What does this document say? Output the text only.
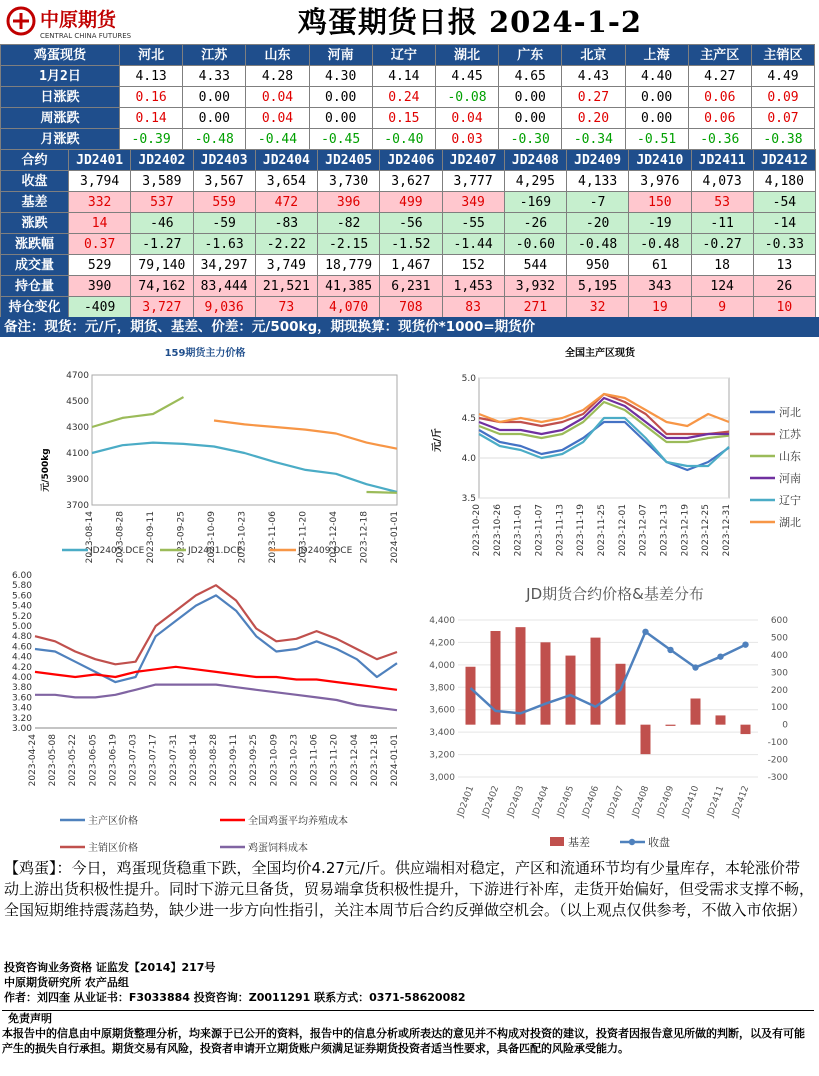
中原期货
CENTRAL CHINA FUTURES	鸡蛋期货日报 2024-1-2
鸡蛋现货	河北	江苏	山东	河南	辽宁	湖北	广东	北京	上海	主产区	主销区
1月2日	4.13	4.33	4.28	4.30	4.14	4.45	4.65	4.43	4.40	4.27	4.49
日涨跌	0.16	0.00	0.04	0.00	0.24	-0.08	0.00	0.27	0.00	0.06	0.09
周涨跌	0.14	0.00	0.04	0.00	0.15	0.04	0.00	0.20	0.00	0.06	0.07
月涨跌	-0.39	-0.48	-0.44	-0.45	-0.40	0.03	-0.30	-0.34	-0.51	-0.36	-0.38
合约	JD2401	JD2402	JD2403	JD2404	JD2405	JD2406	JD2407	JD2408	JD2409	JD2410	JD2411	JD2412
收盘	3,794	3,589	3,567	3,654	3,730	3,627	3,777	4,295	4,133	3,976	4,073	4,180
基差	332	537	559	472	396	499	349	-169	-7	150	53	-54
涨跌	14	-46	-59	-83	-82	-56	-55	-26	-20	-19	-11	-14
涨跌幅	0.37	-1.27	-1.63	-2.22	-2.15	-1.52	-1.44	-0.60	-0.48	-0.48	-0.27	-0.33
成交量	529	79,140	34,297	3,749	18,779	1,467	152	544	950	61	18	13
持仓量	390	74,162	83,444	21,521	41,385	6,231	1,453	3,932	5,195	343	124	26
持仓变化	-409	3,727	9,036	73	4,070	708	83	271	32	19	9	10
备注：现货：元/斤，期货、基差、价差：元/500kg，期现换算：现货价*1000=期货价
159期货主力价格
元/500kg
3700
3900
4100
4300
4500
4700
2023-08-14 2023-08-28 2023-09-11 2023-09-25 2023-10-09 2023-10-23 2023-11-06 2023-11-20 2023-12-04 2023-12-18 2024-01-01
JD2405.DCE	JD2401.DCE	JD2409.DCE
全国主产区现货
元/斤
3.5
4.0
4.5
5.0
2023-10-20 2023-10-26 2023-11-01 2023-11-07 2023-11-13 2023-11-19 2023-11-25 2023-12-01 2023-12-07 2023-12-13 2023-12-19 2023-12-25 2023-12-31
河北
江苏
山东
河南
辽宁
湖北
3.00
3.20
3.40
3.60
3.80
4.00
4.20
4.40
4.60
4.80
5.00
5.20
5.40
5.60
5.80
6.00
2023-04-24 2023-05-08 2023-05-22 2023-06-05 2023-06-19 2023-07-03 2023-07-17 2023-07-31 2023-08-14 2023-08-28 2023-09-11 2023-09-25 2023-10-09 2023-10-23 2023-11-06 2023-11-20 2023-12-04 2023-12-18 2024-01-01
主产区价格	全国鸡蛋平均养殖成本
主销区价格	鸡蛋饲料成本
JD期货合约价格&基差分布
3,000
3,200
3,400
3,600
3,800
4,000
4,200
4,400
-300
-200
-100
0
100
200
300
400
500
600
JD2401 JD2402 JD2403 JD2404 JD2405 JD2406 JD2407 JD2408 JD2409 JD2410 JD2411 JD2412
基差	收盘
【鸡蛋】：今日，鸡蛋现货稳重下跌，全国均价4.27元/斤。供应端相对稳定，产区和流通环节均有少量库存，本轮涨价带动上游出货积极性提升。同时下游元旦备货，贸易端拿货积极性提升，下游进行补库，走货开始偏好，但受需求支撑不畅，全国短期维持震荡趋势，缺少进一步方向性指引，关注本周节后合约反弹做空机会。（以上观点仅供参考，不做入市依据）
投资咨询业务资格 证监发【2014】217号
中原期货研究所 农产品组
作者：刘四奎 从业证书：F3033884 投资咨询：Z0011291 联系方式：0371-58620082
免责声明
本报告中的信息由中原期货整理分析，均来源于已公开的资料，报告中的信息分析或所表达的意见并不构成对投资的建议，投资者因报告意见所做的判断，以及有可能产生的损失自行承担。期货交易有风险，投资者申请开立期货账户须满足证券期货投资者适当性要求，具备匹配的风险承受能力。
